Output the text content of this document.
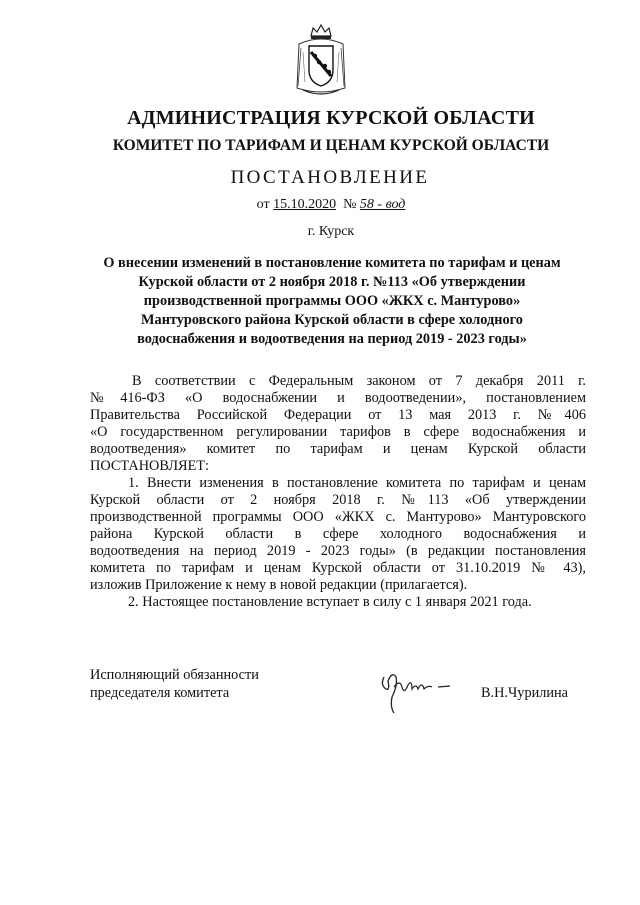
АДМИНИСТРАЦИЯ КУРСКОЙ ОБЛАСТИ
КОМИТЕТ ПО ТАРИФАМ И ЦЕНАМ КУРСКОЙ ОБЛАСТИ
ПОСТАНОВЛЕНИЕ
от 15.10.2020 № 58 - вод
г. Курск
О внесении изменений в постановление комитета по тарифам и ценам
Курской области от 2 ноября 2018 г. №113 «Об утверждении
производственной программы ООО «ЖКХ с. Мантурово»
Мантуровского района Курской области в сфере холодного
водоснабжения и водоотведения на период 2019 - 2023 годы»
В соответствии с Федеральным законом от 7 декабря 2011 г.
№416-ФЗ «О водоснабжении и водоотведении», постановлением
Правительства Российской Федерации от 13 мая 2013 г. №406
«О государственном регулировании тарифов в сфере водоснабжения и
водоотведения» комитет по тарифам и ценам Курской области
ПОСТАНОВЛЯЕТ:
1. Внести изменения в постановление комитета по тарифам и ценам
Курской области от 2 ноября 2018 г. №113 «Об утверждении
производственной программы ООО «ЖКХ с. Мантурово» Мантуровского
района Курской области в сфере холодного водоснабжения и
водоотведения на период 2019 - 2023 годы» (в редакции постановления
комитета по тарифам и ценам Курской области от 31.10.2019 № 43),
изложив Приложение к нему в новой редакции (прилагается).
2. Настоящее постановление вступает в силу с 1 января 2021 года.
Исполняющий обязанности
председателя комитета	В.Н.Чурилина
